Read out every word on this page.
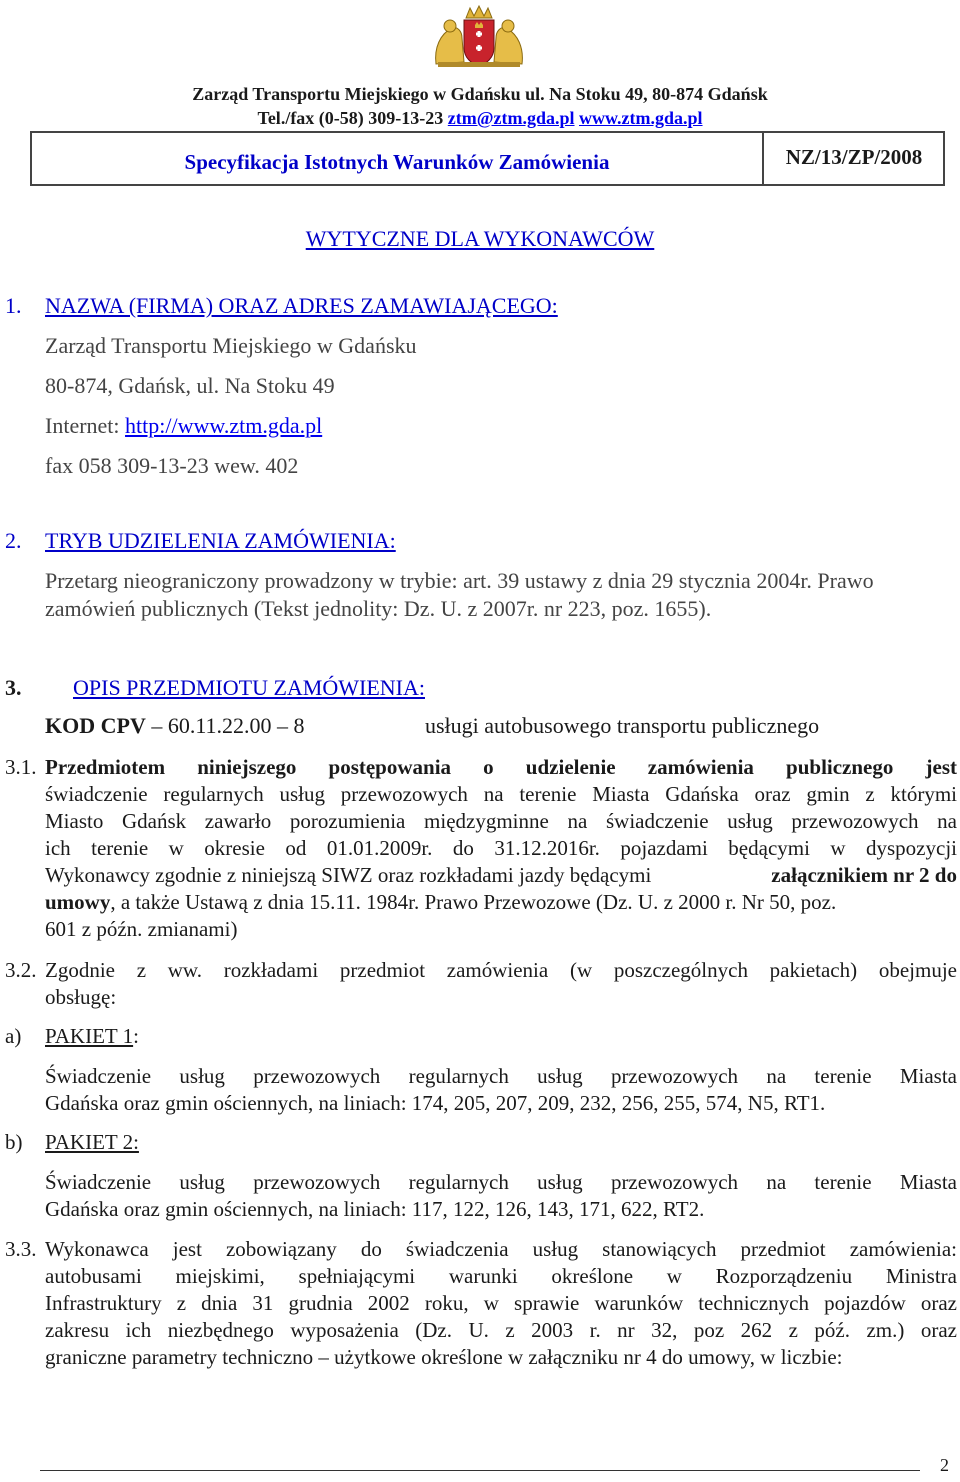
Zarząd Transportu Miejskiego w Gdańsku ul. Na Stoku 49, 80-874 Gdańsk
Tel./fax (0-58) 309-13-23 ztm@ztm.gda.pl www.ztm.gda.pl
Specyfikacja Istotnych Warunków Zamówienia	NZ/13/ZP/2008
WYTYCZNE DLA WYKONAWCÓW
1. NAZWA (FIRMA) ORAZ ADRES ZAMAWIAJĄCEGO:
Zarząd Transportu Miejskiego w Gdańsku
80-874, Gdańsk, ul. Na Stoku 49
Internet: http://www.ztm.gda.pl
fax 058 309-13-23 wew. 402
2. TRYB UDZIELENIA ZAMÓWIENIA:
Przetarg nieograniczony prowadzony w trybie: art. 39 ustawy z dnia 29 stycznia 2004r. Prawo
zamówień publicznych (Tekst jednolity: Dz. U. z 2007r. nr 223, poz. 1655).
3. OPIS PRZEDMIOTU ZAMÓWIENIA:
KOD CPV – 60.11.22.00 – 8	usługi autobusowego transportu publicznego
3.1. Przedmiotem niniejszego postępowania o udzielenie zamówienia publicznego jest
świadczenie regularnych usług przewozowych na terenie Miasta Gdańska oraz gmin z którymi
Miasto Gdańsk zawarło porozumienia międzygminne na świadczenie usług przewozowych na
ich terenie w okresie od 01.01.2009r. do 31.12.2016r. pojazdami będącymi w dyspozycji
Wykonawcy zgodnie z niniejszą SIWZ oraz rozkładami jazdy będącymi	załącznikiem nr 2 do
umowy, a także Ustawą z dnia 15.11. 1984r. Prawo Przewozowe (Dz. U. z 2000 r. Nr 50, poz.
601 z późn. zmianami)
3.2. Zgodnie z ww. rozkładami przedmiot zamówienia (w poszczególnych pakietach) obejmuje
obsługę:
a) PAKIET 1:
Świadczenie usług przewozowych regularnych usług przewozowych na terenie Miasta
Gdańska oraz gmin ościennych, na liniach: 174, 205, 207, 209, 232, 256, 255, 574, N5, RT1.
b) PAKIET 2:
Świadczenie usług przewozowych regularnych usług przewozowych na terenie Miasta
Gdańska oraz gmin ościennych, na liniach: 117, 122, 126, 143, 171, 622, RT2.
3.3. Wykonawca jest zobowiązany do świadczenia usług stanowiących przedmiot zamówienia:
autobusami miejskimi, spełniającymi warunki określone w Rozporządzeniu Ministra
Infrastruktury z dnia 31 grudnia 2002 roku, w sprawie warunków technicznych pojazdów oraz
zakresu ich niezbędnego wyposażenia (Dz. U. z 2003 r. nr 32, poz 262 z póź. zm.) oraz
graniczne parametry techniczno – użytkowe określone w załączniku nr 4 do umowy, w liczbie:
2
